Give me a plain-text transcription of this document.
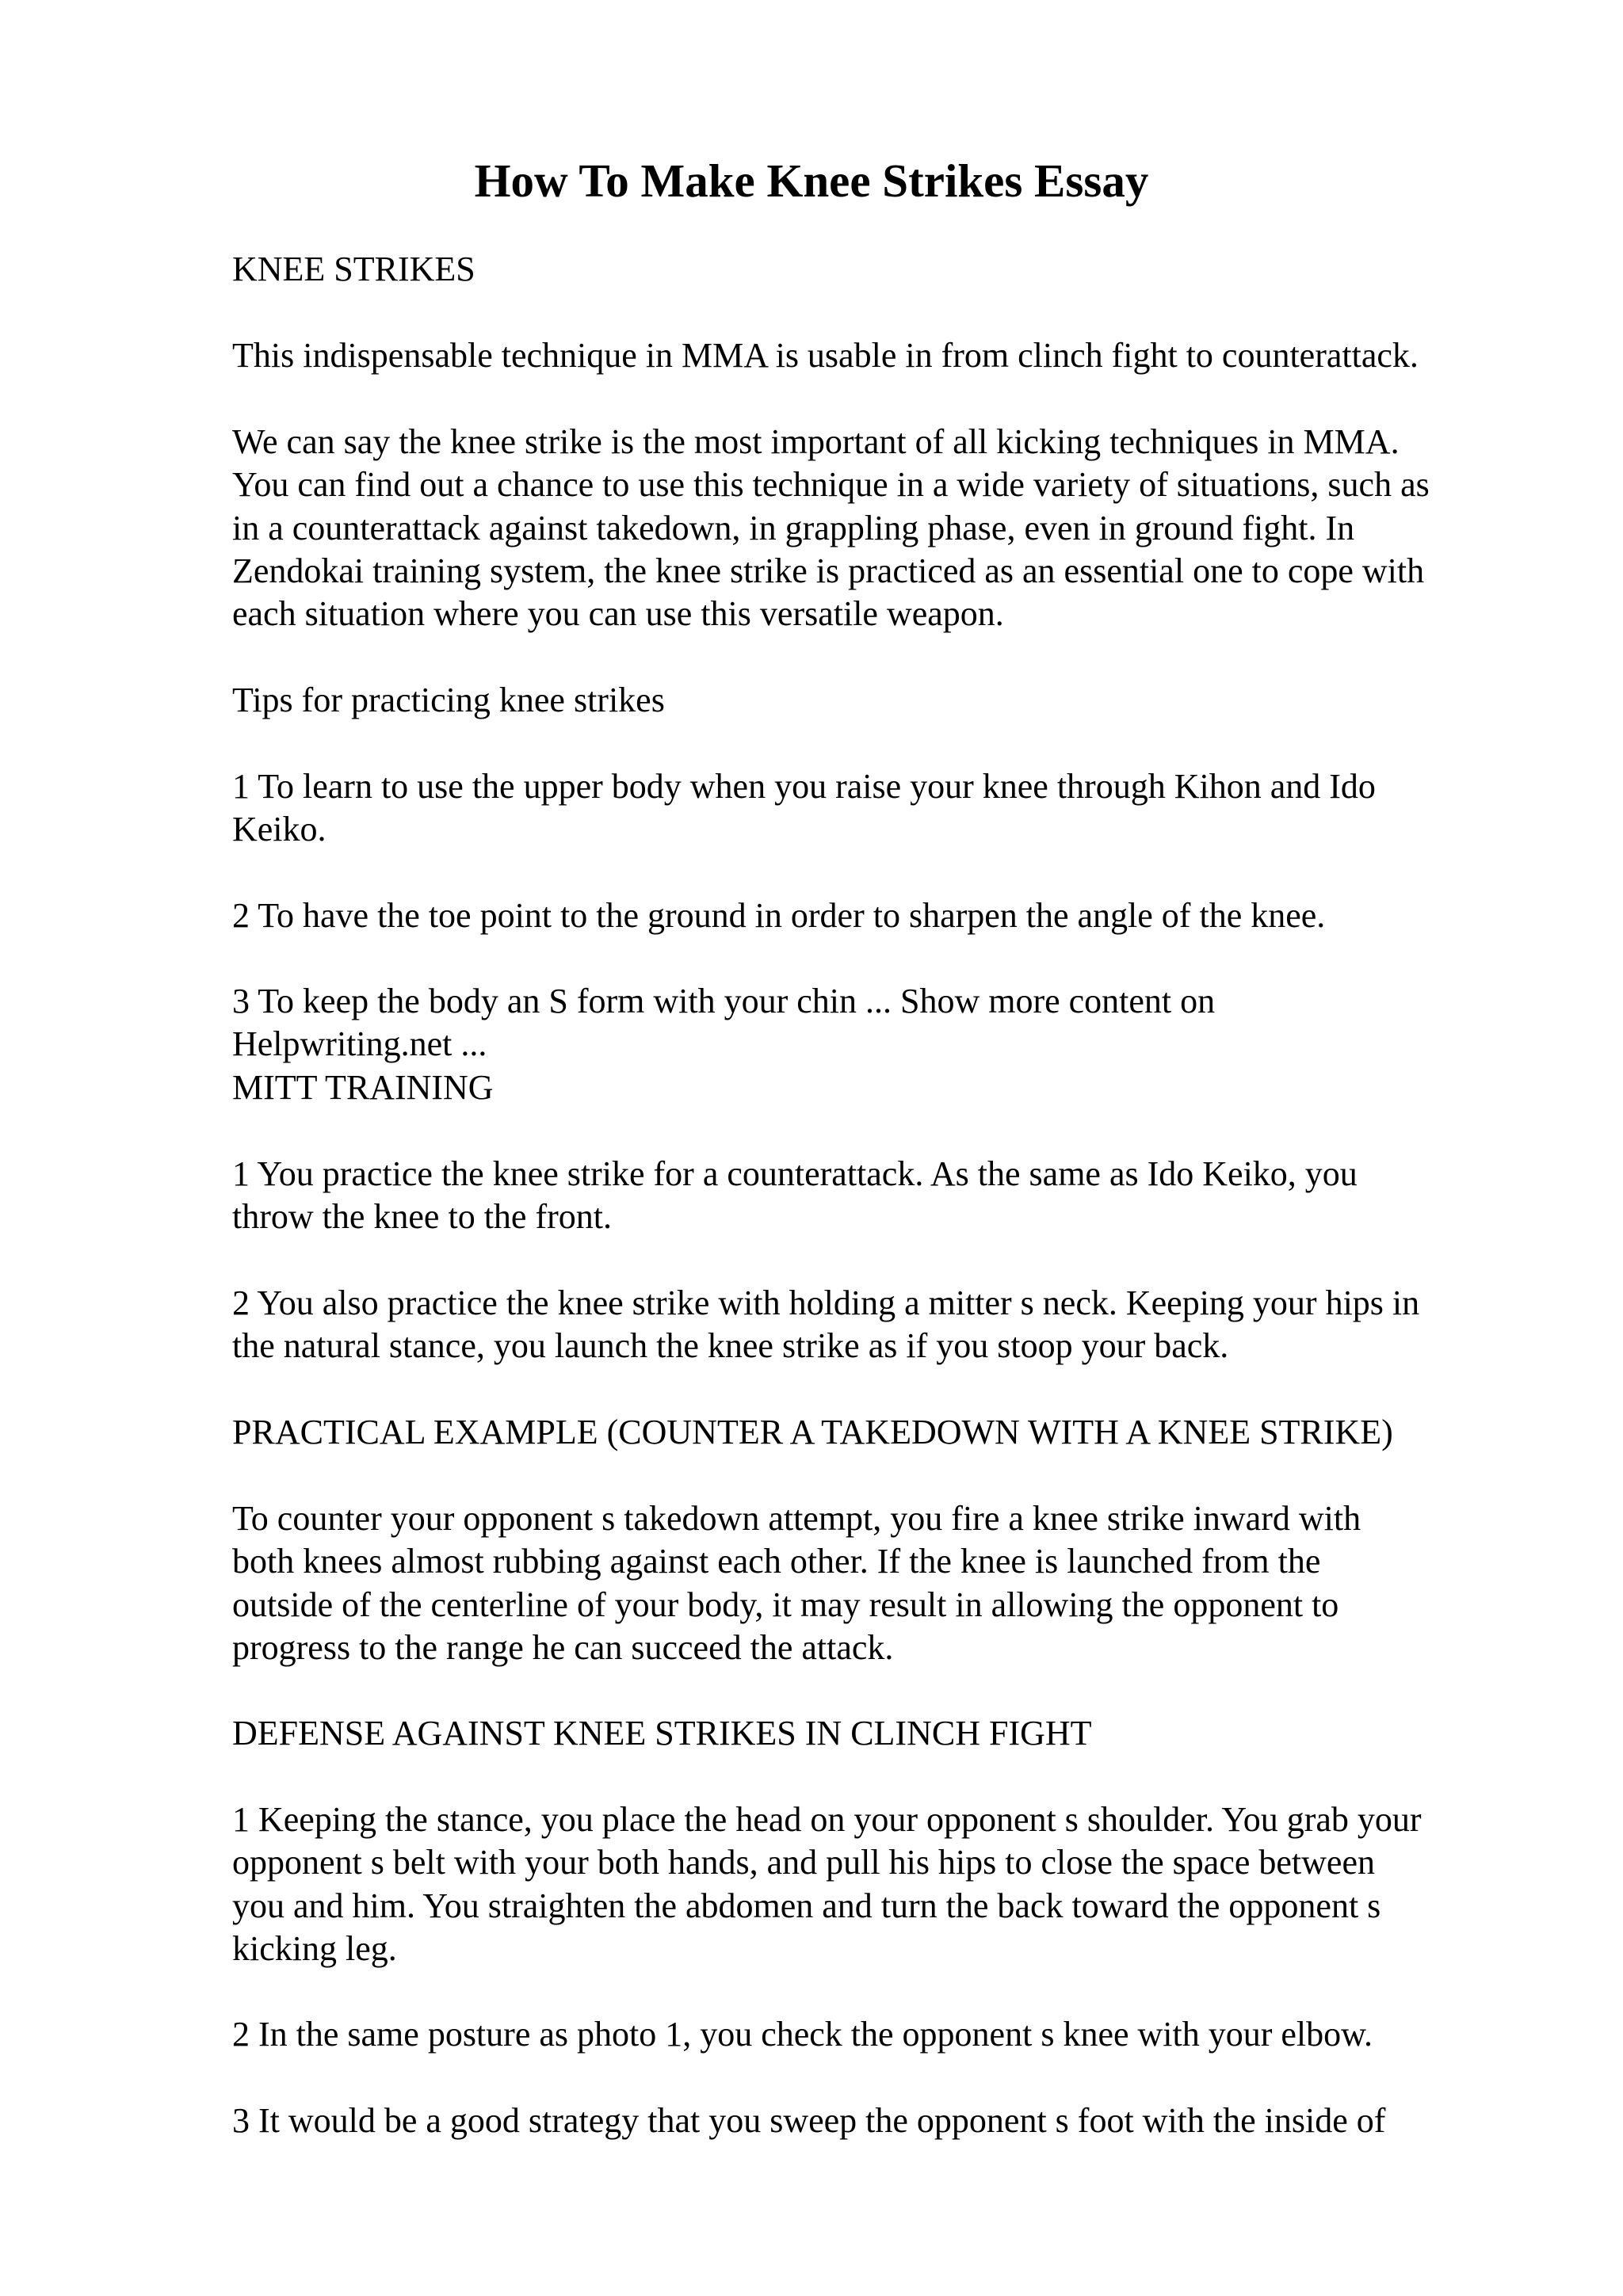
How To Make Knee Strikes Essay

KNEE STRIKES

This indispensable technique in MMA is usable in from clinch fight to counterattack.

We can say the knee strike is the most important of all kicking techniques in MMA.
You can find out a chance to use this technique in a wide variety of situations, such as
in a counterattack against takedown, in grappling phase, even in ground fight. In
Zendokai training system, the knee strike is practiced as an essential one to cope with
each situation where you can use this versatile weapon.

Tips for practicing knee strikes

1 To learn to use the upper body when you raise your knee through Kihon and Ido
Keiko.

2 To have the toe point to the ground in order to sharpen the angle of the knee.

3 To keep the body an S form with your chin ... Show more content on
Helpwriting.net ...
MITT TRAINING

1 You practice the knee strike for a counterattack. As the same as Ido Keiko, you
throw the knee to the front.

2 You also practice the knee strike with holding a mitter s neck. Keeping your hips in
the natural stance, you launch the knee strike as if you stoop your back.

PRACTICAL EXAMPLE (COUNTER A TAKEDOWN WITH A KNEE STRIKE)

To counter your opponent s takedown attempt, you fire a knee strike inward with
both knees almost rubbing against each other. If the knee is launched from the
outside of the centerline of your body, it may result in allowing the opponent to
progress to the range he can succeed the attack.

DEFENSE AGAINST KNEE STRIKES IN CLINCH FIGHT

1 Keeping the stance, you place the head on your opponent s shoulder. You grab your
opponent s belt with your both hands, and pull his hips to close the space between
you and him. You straighten the abdomen and turn the back toward the opponent s
kicking leg.

2 In the same posture as photo 1, you check the opponent s knee with your elbow.

3 It would be a good strategy that you sweep the opponent s foot with the inside of
